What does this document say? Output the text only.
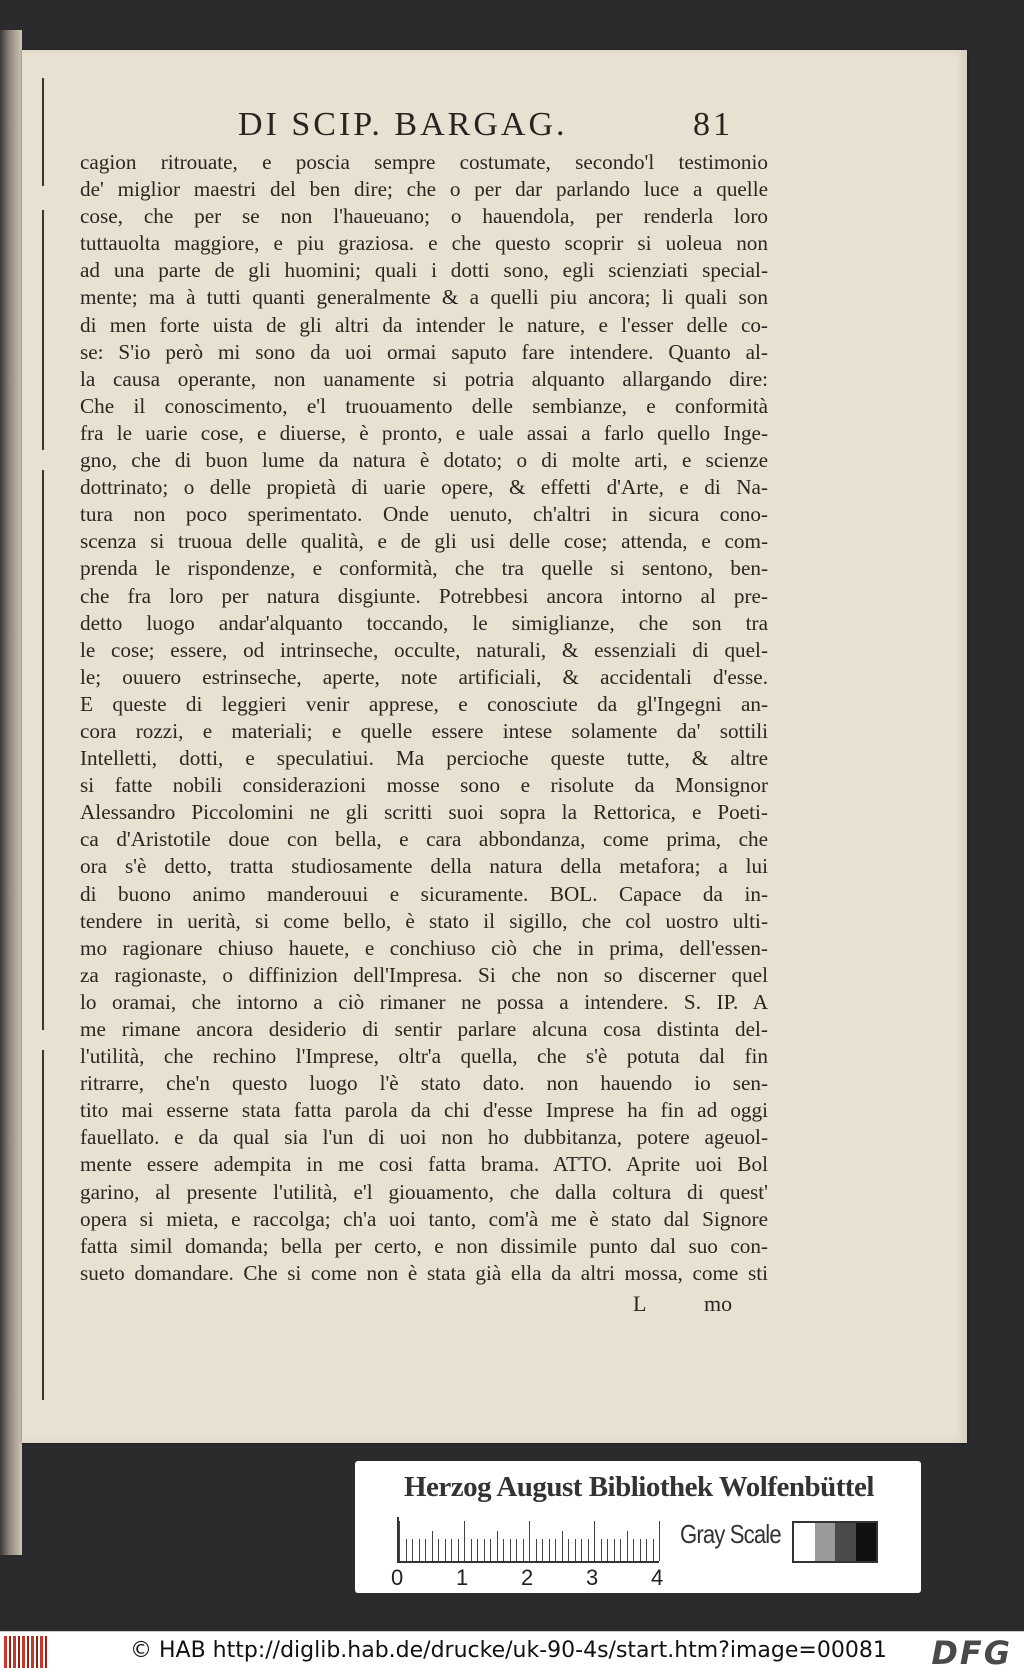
DI SCIP. BARGAG.	81
cagion ritrouate, e poscia sempre costumate, secondo'l testimonio
de' miglior maestri del ben dire; che o per dar parlando luce a quelle
cose, che per se non l'haueuano; o hauendola, per renderla loro
tuttauolta maggiore, e piu graziosa. e che questo scoprir si uoleua non
ad una parte de gli huomini; quali i dotti sono, egli scienziati special-
mente; ma à tutti quanti generalmente & a quelli piu ancora; li quali son
di men forte uista de gli altri da intender le nature, e l'esser delle co-
se: S'io però mi sono da uoi ormai saputo fare intendere. Quanto al-
la causa operante, non uanamente si potria alquanto allargando dire:
Che il conoscimento, e'l truouamento delle sembianze, e conformità
fra le uarie cose, e diuerse, è pronto, e uale assai a farlo quello Inge-
gno, che di buon lume da natura è dotato; o di molte arti, e scienze
dottrinato; o delle propietà di uarie opere, & effetti d'Arte, e di Na-
tura non poco sperimentato. Onde uenuto, ch'altri in sicura cono-
scenza si truoua delle qualità, e de gli usi delle cose; attenda, e com-
prenda le rispondenze, e conformità, che tra quelle si sentono, ben-
che fra loro per natura disgiunte. Potrebbesi ancora intorno al pre-
detto luogo andar'alquanto toccando, le simiglianze, che son tra
le cose; essere, od intrinseche, occulte, naturali, & essenziali di quel-
le; ouuero estrinseche, aperte, note artificiali, & accidentali d'esse.
E queste di leggieri venir apprese, e conosciute da gl'Ingegni an-
cora rozzi, e materiali; e quelle essere intese solamente da' sottili
Intelletti, dotti, e speculatiui. Ma percioche queste tutte, & altre
si fatte nobili considerazioni mosse sono e risolute da Monsignor
Alessandro Piccolomini ne gli scritti suoi sopra la Rettorica, e Poeti-
ca d'Aristotile doue con bella, e cara abbondanza, come prima, che
ora s'è detto, tratta studiosamente della natura della metafora; a lui
di buono animo manderouui e sicuramente. BOL. Capace da in-
tendere in uerità, si come bello, è stato il sigillo, che col uostro ulti-
mo ragionare chiuso hauete, e conchiuso ciò che in prima, dell'essen-
za ragionaste, o diffinizion dell'Impresa. Si che non so discerner quel
lo oramai, che intorno a ciò rimaner ne possa a intendere. S. IP. A
me rimane ancora desiderio di sentir parlare alcuna cosa distinta del-
l'utilità, che rechino l'Imprese, oltr'a quella, che s'è potuta dal fin
ritrarre, che'n questo luogo l'è stato dato. non hauendo io sen-
tito mai esserne stata fatta parola da chi d'esse Imprese ha fin ad oggi
fauellato. e da qual sia l'un di uoi non ho dubbitanza, potere ageuol-
mente essere adempita in me cosi fatta brama. ATTO. Aprite uoi Bol
garino, al presente l'utilità, e'l giouamento, che dalla coltura di quest'
opera si mieta, e raccolga; ch'a uoi tanto, com'à me è stato dal Signore
fatta simil domanda; bella per certo, e non dissimile punto dal suo con-
sueto domandare. Che si come non è stata già ella da altri mossa, come sti
L	mo
Herzog August Bibliothek Wolfenbüttel
0 1 2 3 4
Gray Scale
© HAB http://diglib.hab.de/drucke/uk-90-4s/start.htm?image=00081 DFG
